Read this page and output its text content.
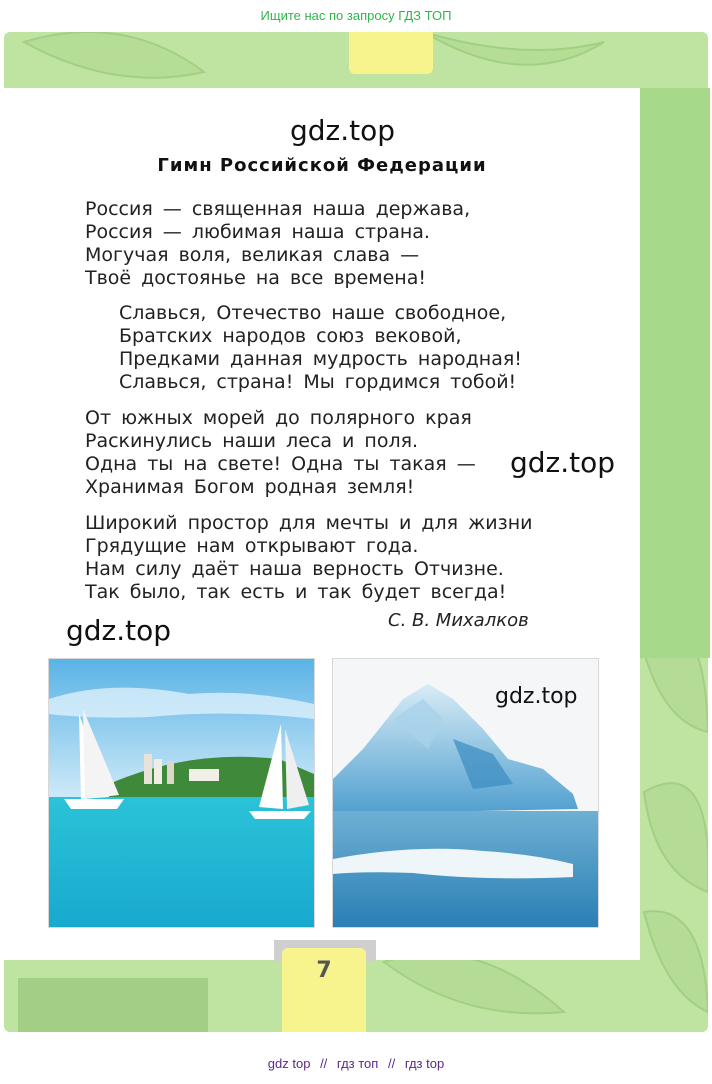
Ищите нас по запросу ГДЗ ТОП
gdz.top
Гимн Российской Федерации
Россия — священная наша держава,
Россия — любимая наша страна.
Могучая воля, великая слава —
Твоё достоянье на все времена!
Славься, Отечество наше свободное,
Братских народов союз вековой,
Предками данная мудрость народная!
Славься, страна! Мы гордимся тобой!
От южных морей до полярного края
Раскинулись наши леса и поля.
Одна ты на свете! Одна ты такая —
Хранимая Богом родная земля!
gdz.top
Широкий простор для мечты и для жизни
Грядущие нам открывают года.
Нам силу даёт наша верность Отчизне.
Так было, так есть и так будет всегда!
С. В. Михалков
gdz.top
gdz.top
7
gdz top // гдз топ // гдз top
